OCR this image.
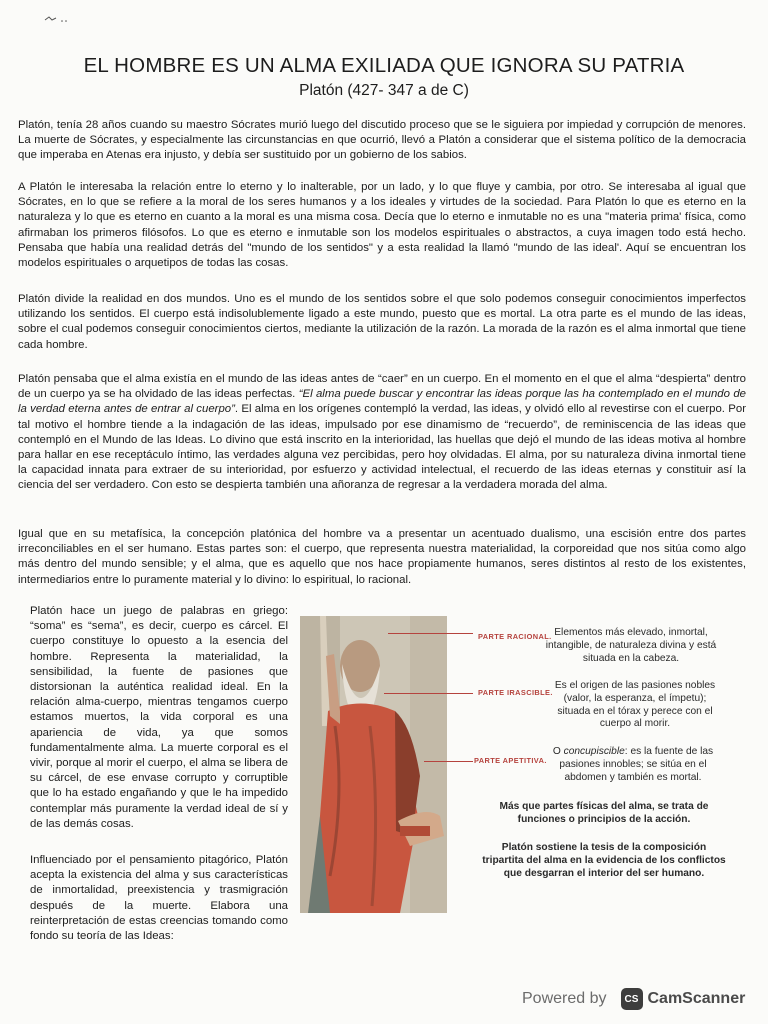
EL HOMBRE ES UN ALMA EXILIADA QUE IGNORA SU PATRIA
Platón (427- 347 a de C)

Platón, tenía 28 años cuando su maestro Sócrates murió luego del discutido proceso que se le siguiera por impiedad y corrupción de menores. La muerte de Sócrates, y especialmente las circunstancias en que ocurrió, llevó a Platón a considerar que el sistema político de la democracia que imperaba en Atenas era injusto, y debía ser sustituido por un gobierno de los sabios.

A Platón le interesaba la relación entre lo eterno y lo inalterable, por un lado, y lo que fluye y cambia, por otro. Se interesaba al igual que Sócrates, en lo que se refiere a la moral de los seres humanos y a los ideales y virtudes de la sociedad. Para Platón lo que es eterno en la naturaleza y lo que es eterno en cuanto a la moral es una misma cosa. Decía que lo eterno e inmutable no es una "materia prima' física, como afirmaban los primeros filósofos. Lo que es eterno e inmutable son los modelos espirituales o abstractos, a cuya imagen todo está hecho. Pensaba que había una realidad detrás del "mundo de los sentidos" y a esta realidad la llamó "mundo de las ideal'. Aquí se encuentran los modelos espirituales o arquetipos de todas las cosas.

Platón divide la realidad en dos mundos. Uno es el mundo de los sentidos sobre el que solo podemos conseguir conocimientos imperfectos utilizando los sentidos. El cuerpo está indisolublemente ligado a este mundo, puesto que es mortal. La otra parte es el mundo de las ideas, sobre el cual podemos conseguir conocimientos ciertos, mediante la utilización de la razón. La morada de la razón es el alma inmortal que tiene cada hombre.

Platón pensaba que el alma existía en el mundo de las ideas antes de “caer” en un cuerpo. En el momento en el que el alma “despierta” dentro de un cuerpo ya se ha olvidado de las ideas perfectas. “El alma puede buscar y encontrar las ideas porque las ha contemplado en el mundo de la verdad eterna antes de entrar al cuerpo”. El alma en los orígenes contempló la verdad, las ideas, y olvidó ello al revestirse con el cuerpo. Por tal motivo el hombre tiende a la indagación de las ideas, impulsado por ese dinamismo de “recuerdo”, de reminiscencia de las ideas que contempló en el Mundo de las Ideas. Lo divino que está inscrito en la interioridad, las huellas que dejó el mundo de las ideas motiva al hombre para hallar en ese receptáculo íntimo, las verdades alguna vez percibidas, pero hoy olvidadas. El alma, por su naturaleza divina inmortal tiene la capacidad innata para extraer de su interioridad, por esfuerzo y actividad intelectual, el recuerdo de las ideas eternas y constituir así la ciencia del ser verdadero. Con esto se despierta también una añoranza de regresar a la verdadera morada del alma.

Igual que en su metafísica, la concepción platónica del hombre va a presentar un acentuado dualismo, una escisión entre dos partes irreconciliables en el ser humano. Estas partes son: el cuerpo, que representa nuestra materialidad, la corporeidad que nos sitúa como algo más dentro del mundo sensible; y el alma, que es aquello que nos hace propiamente humanos, seres distintos al resto de los existentes, intermediarios entre lo puramente material y lo divino: lo espiritual, lo racional.

Platón hace un juego de palabras en griego: “soma” es “sema”, es decir, cuerpo es cárcel. El cuerpo constituye lo opuesto a la esencia del hombre. Representa la materialidad, la sensibilidad, la fuente de pasiones que distorsionan la auténtica realidad ideal. En la relación alma-cuerpo, mientras tengamos cuerpo estamos muertos, la vida corporal es una apariencia de vida, ya que somos fundamentalmente alma. La muerte corporal es el vivir, porque al morir el cuerpo, el alma se libera de su cárcel, de ese envase corrupto y corruptible que lo ha estado engañando y que le ha impedido contemplar más puramente la verdad ideal de sí y de las demás cosas.

Influenciado por el pensamiento pitagórico, Platón acepta la existencia del alma y sus características de inmortalidad, preexistencia y trasmigración después de la muerte. Elabora una reinterpretación de estas creencias tomando como fondo su teoría de las Ideas:

PARTE RACIONAL.
PARTE IRASCIBLE.
PARTE APETITIVA.
Elementos más elevado, inmortal, intangible, de naturaleza divina y está situada en la cabeza.
Es el origen de las pasiones nobles (valor, la esperanza, el ímpetu); situada en el tórax y perece con el cuerpo al morir.
O concupiscible: es la fuente de las pasiones innobles; se sitúa en el abdomen y también es mortal.
Más que partes físicas del alma, se trata de funciones o principios de la acción.
Platón sostiene la tesis de la composición tripartita del alma en la evidencia de los conflictos que desgarran el interior del ser humano.
Powered by	CS CamScanner
